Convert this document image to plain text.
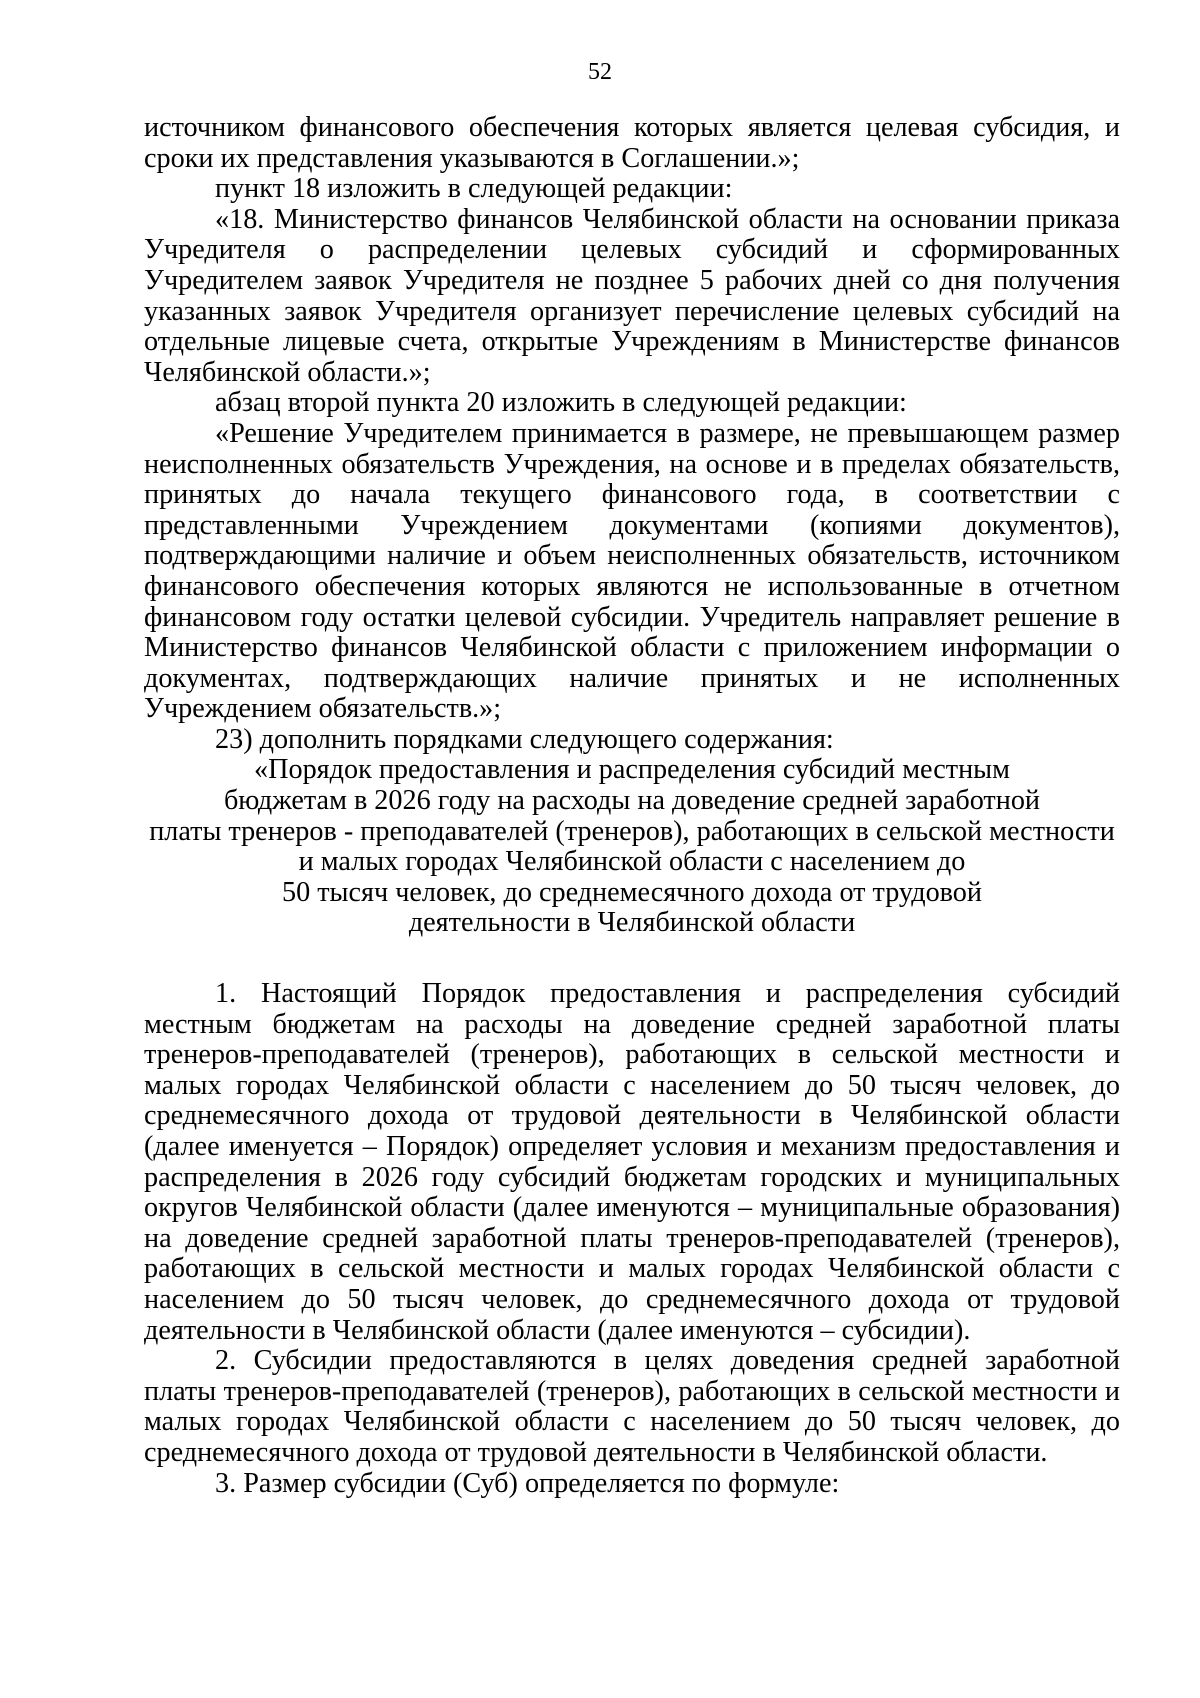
52

источником финансового обеспечения которых является целевая субсидия, и сроки их представления указываются в Соглашении.»;

пункт 18 изложить в следующей редакции:

«18. Министерство финансов Челябинской области на основании приказа Учредителя о распределении целевых субсидий и сформированных Учредителем заявок Учредителя не позднее 5 рабочих дней со дня получения указанных заявок Учредителя организует перечисление целевых субсидий на отдельные лицевые счета, открытые Учреждениям в Министерстве финансов Челябинской области.»;

абзац второй пункта 20 изложить в следующей редакции:

«Решение Учредителем принимается в размере, не превышающем размер неисполненных обязательств Учреждения, на основе и в пределах обязательств, принятых до начала текущего финансового года, в соответствии с представленными Учреждением документами (копиями документов), подтверждающими наличие и объем неисполненных обязательств, источником финансового обеспечения которых являются не использованные в отчетном финансовом году остатки целевой субсидии. Учредитель направляет решение в Министерство финансов Челябинской области с приложением информации о документах, подтверждающих наличие принятых и не исполненных Учреждением обязательств.»;

23) дополнить порядками следующего содержания:

«Порядок предоставления и распределения субсидий местным

бюджетам в 2026 году на расходы на доведение средней заработной

платы тренеров - преподавателей (тренеров), работающих в сельской местности

и малых городах Челябинской области с населением до

50 тысяч человек, до среднемесячного дохода от трудовой

деятельности в Челябинской области

1. Настоящий Порядок предоставления и распределения субсидий местным бюджетам на расходы на доведение средней заработной платы тренеров-преподавателей (тренеров), работающих в сельской местности и малых городах Челябинской области с населением до 50 тысяч человек, до среднемесячного дохода от трудовой деятельности в Челябинской области (далее именуется – Порядок) определяет условия и механизм предоставления и распределения в 2026 году субсидий бюджетам городских и муниципальных округов Челябинской области (далее именуются – муниципальные образования) на доведение средней заработной платы тренеров-преподавателей (тренеров), работающих в сельской местности и малых городах Челябинской области с населением до 50 тысяч человек, до среднемесячного дохода от трудовой деятельности в Челябинской области (далее именуются – субсидии).

2. Субсидии предоставляются в целях доведения средней заработной платы тренеров-преподавателей (тренеров), работающих в сельской местности и малых городах Челябинской области с населением до 50 тысяч человек, до среднемесячного дохода от трудовой деятельности в Челябинской области.

3. Размер субсидии (Суб) определяется по формуле:
